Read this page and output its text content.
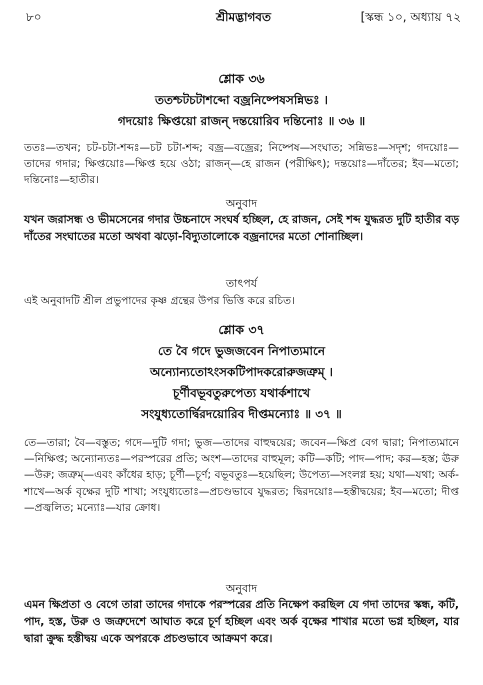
৮০	শ্রীমদ্ভাগবত	[স্কন্ধ ১০, অধ্যায় ৭২
শ্লোক ৩৬
ততশ্চটচটাশব্দো বজ্রনিষ্পেষসন্নিভঃ ।
গদয়োঃ ক্ষিপ্তয়ো রাজন্ দন্তয়োরিব দন্তিনোঃ ॥ ৩৬ ॥

ততঃ—তখন; চট-চটা-শব্দঃ—চট চটা-শব্দ; বজ্র—বজ্রের; নিষ্পেষ—সংঘাত; সন্নিভঃ—সদৃশ; গদয়োঃ—তাদের গদার; ক্ষিপ্তয়োঃ—ক্ষিপ্ত হয়ে ওঠা; রাজন্—হে রাজন (পরীক্ষিৎ); দন্তয়োঃ—দাঁতের; ইব—মতো; দন্তিনোঃ—হাতীর।

অনুবাদ

যখন জরাসন্ধ ও ভীমসেনের গদার উচ্চনাদে সংঘর্ষ হচ্ছিল, হে রাজন, সেই শব্দ যুদ্ধরত দুটি হাতীর বড় দাঁতের সংঘাতের মতো অথবা ঝড়ো-বিদ্যুতালোকে বজ্রনাদের মতো শোনাচ্ছিল।

তাৎপর্য

এই অনুবাদটি শ্রীল প্রভুপাদের কৃষ্ণ গ্রন্থের উপর ভিত্তি করে রচিত।

শ্লোক ৩৭
তে বৈ গদে ভুজজবেন নিপাত্যমানে
অন্যোন্যতোঽংসকটিপাদকরোরুজত্রুম্ ।
চূর্ণীবভূবতুরুপেত্য যথার্কশাখে
সংযুধ্যতোর্দ্বিরদয়োরিব দীপ্তমন্যোঃ ॥ ৩৭ ॥

তে—তারা; বৈ—বস্তুত; গদে—দুটি গদা; ভুজ—তাদের বাহুদ্বয়ের; জবেন—ক্ষিপ্র বেগ দ্বারা; নিপাত্যমানে—নিক্ষিপ্ত; অন্যোন্যতঃ—পরস্পরের প্রতি; অংশ—তাদের বাহুমূল; কটি—কটি; পাদ—পাদ; কর—হস্ত; ঊরু—উরু; জত্রুম্—এবং কাঁধের হাড়; চূর্ণী—চূর্ণ; বভূবতুঃ—হয়েছিল; উপেত্য—সংলগ্ন হয়; যথা—যথা; অর্ক-শাখে—অর্ক বৃক্ষের দুটি শাখা; সংযুধ্যতোঃ—প্রচণ্ডভাবে যুদ্ধরত; দ্বিরদয়োঃ—হস্তীদ্বয়ের; ইব—মতো; দীপ্ত—প্রজ্বলিত; মন্যোঃ—যার ক্রোধ।

অনুবাদ

এমন ক্ষিপ্রতা ও বেগে তারা তাদের গদাকে পরস্পরের প্রতি নিক্ষেপ করছিল যে গদা তাদের স্কন্ধ, কটি, পাদ, হস্ত, উরু ও জত্রুদেশে আঘাত করে চূর্ণ হচ্ছিল এবং অর্ক বৃক্ষের শাখার মতো ভগ্ন হচ্ছিল, যার দ্বারা ক্রুদ্ধ হস্তীদ্বয় একে অপরকে প্রচণ্ডভাবে আক্রমণ করে।
